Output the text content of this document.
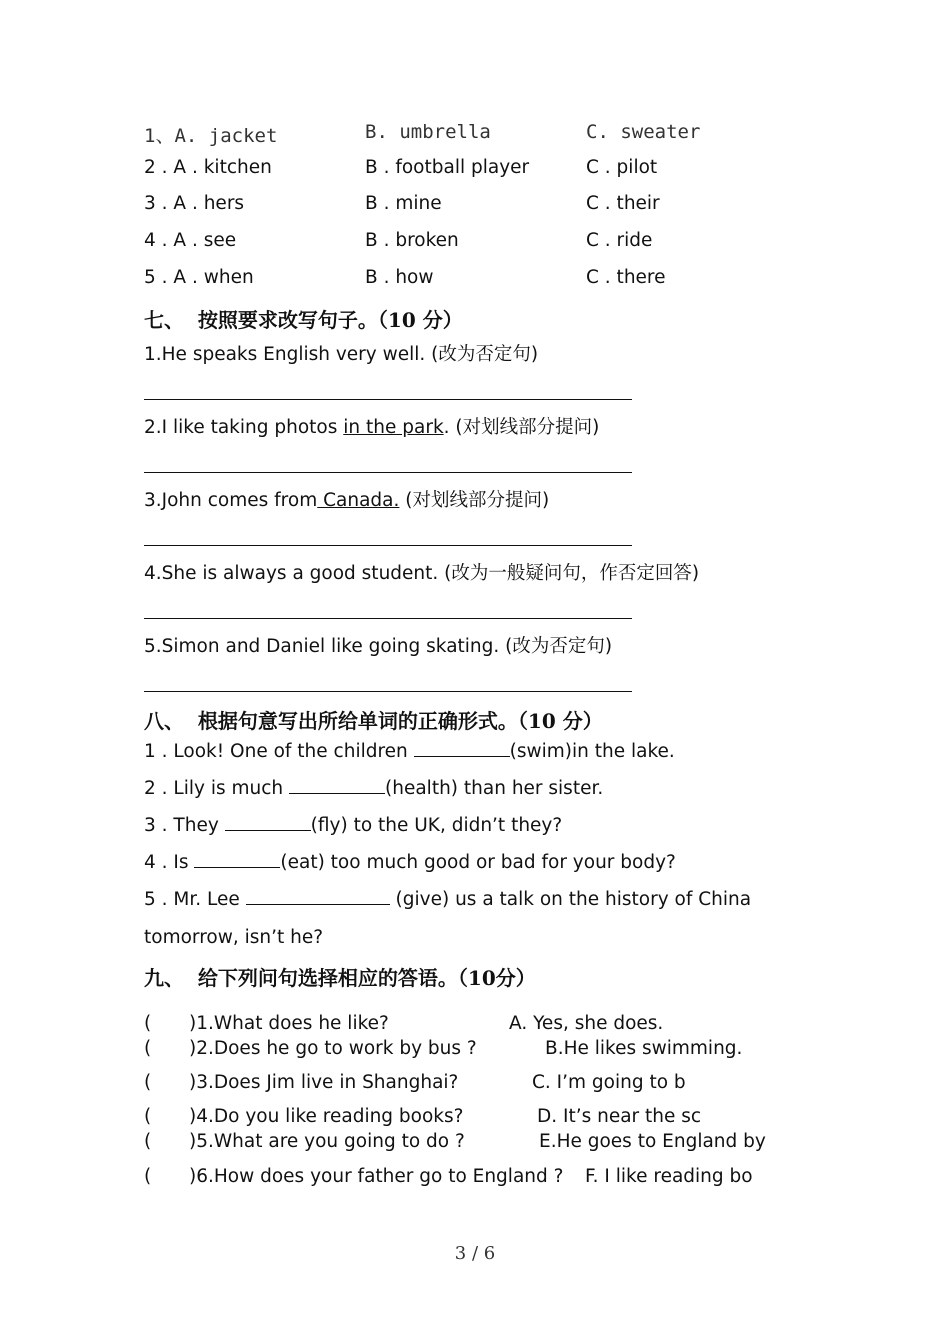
1、A. jacket	B. umbrella	C. sweater
2 . A . kitchen	B . football player	C . pilot
3 . A . hers	B . mine	C . their
4 . A . see	B . broken	C . ride
5 . A . when	B . how	C . there
七、  按照要求改写句子。（10 分）
1.He speaks English very well. (改为否定句)
2.I like taking photos in the park. (对划线部分提问)
3.John comes from Canada. (对划线部分提问)
4.She is always a good student. (改为一般疑问句，作否定回答)
5.Simon and Daniel like going skating. (改为否定句)
八、  根据句意写出所给单词的正确形式。（10 分）
1 . Look! One of the children	(swim)in the lake.
2 . Lily is much	(health) than her sister.
3 . They	(fly) to the UK, didn’t they?
4 . Is	(eat) too much good or bad for your body?
5 . Mr. Lee	(give) us a talk on the history of China
tomorrow, isn’t he?
九、  给下列问句选择相应的答语。（10分）
( )1.What does he like?	A. Yes, she does.
( )2.Does he go to work by bus ?	B.He likes swimming.
( )3.Does Jim live in Shanghai?	C. I’m going to b
( )4.Do you like reading books?	D. It’s near the sc
( )5.What are you going to do ?	E.He goes to England by
( )6.How does your father go to England ? F. I like reading bo
3 / 6
